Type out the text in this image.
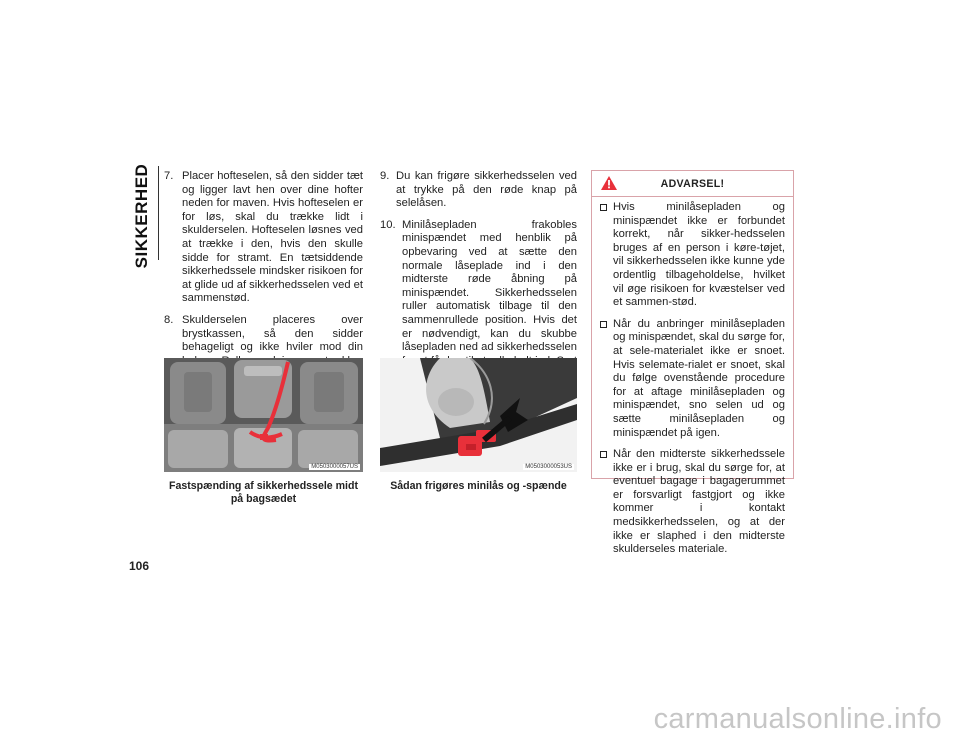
SIKKERHED 7. Placer hofteselen, så den sidder tæt og ligger lavt hen over dine hofter neden for maven. Hvis hofteselen er for løs, skal du trække lidt i skulderselen. Hofteselen løsnes ved at trække i den, hvis den skulle sidde for stramt. En tætsiddende sikkerhedssele mindsker risikoen for at glide ud af sikkerhedsselen ved et sammenstød.
8. Skulderselen placeres over brystkassen, så den sidder behageligt og ikke hviler mod din
9. Du kan frigøre sikkerhedsselen ved at trykke på den røde knap på selelåsen.
10. Minilåsepladen frakobles minispændet med henblik på opbevaring ved at sætte den normale låseplade ind i den midterste røde åbning på minispændet. Sikkerhedsselen ruller automatisk tilbage til den sammenrullede position. Hvis det er nødvendigt, kan du skubbe låsepladen ned ad sikkerhedsselen
M0503000057US	M0503000053US
Fastspænding af sikkerhedssele midt på bagsædet
Sådan frigøres minilås og -spænde
ADVARSEL!
Hvis minilåsepladen og minispændet ikke er forbundet korrekt, når sikker-hedsselen bruges af en person i køre-tøjet, vil sikkerhedsselen ikke kunne yde ordentlig tilbageholdelse, hvilket vil øge risikoen for kvæstelser ved et sammen-stød.
Når du anbringer minilåsepladen og minispændet, skal du sørge for, at sele-materialet ikke er snoet. Hvis selemate-rialet er snoet, skal du følge ovenstående procedure for at aftage minilåsepladen og minispændet, sno selen ud og sætte minilåsepladen og minispændet på igen.
Når den midterste sikkerhedssele ikke er i brug, skal du sørge for, at eventuel bagage i bagagerummet er forsvarligt fastgjort og ikke kommer i kontakt medsikkerhedsselen, og at der ikke er slaphed i den midterste skulderseles materiale.
106
carmanualsonline.info
